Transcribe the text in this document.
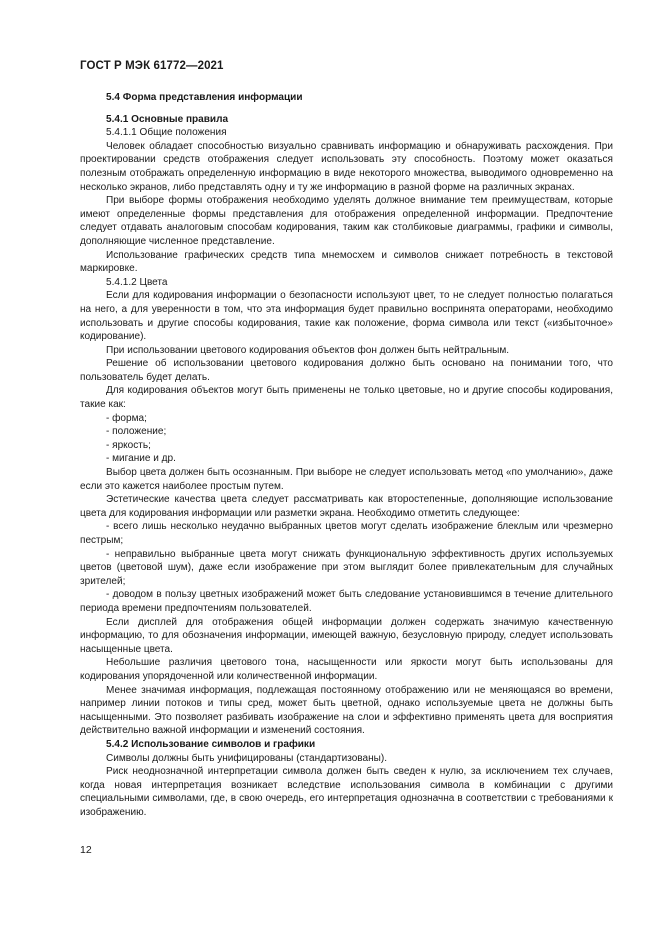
ГОСТ Р МЭК 61772—2021

5.4 Форма представления информации

5.4.1 Основные правила

5.4.1.1 Общие положения

Человек обладает способностью визуально сравнивать информацию и обнаруживать расхождения. При проектировании средств отображения следует использовать эту способность. Поэтому может оказаться полезным отображать определенную информацию в виде некоторого множества, выводимого одновременно на несколько экранов, либо представлять одну и ту же информацию в разной форме на различных экранах.

При выборе формы отображения необходимо уделять должное внимание тем преимуществам, которые имеют определенные формы представления для отображения определенной информации. Предпочтение следует отдавать аналоговым способам кодирования, таким как столбиковые диаграммы, графики и символы, дополняющие численное представление.

Использование графических средств типа мнемосхем и символов снижает потребность в текстовой маркировке.

5.4.1.2 Цвета

Если для кодирования информации о безопасности используют цвет, то не следует полностью полагаться на него, а для уверенности в том, что эта информация будет правильно воспринята операторами, необходимо использовать и другие способы кодирования, такие как положение, форма символа или текст («избыточное» кодирование).

При использовании цветового кодирования объектов фон должен быть нейтральным.

Решение об использовании цветового кодирования должно быть основано на понимании того, что пользователь будет делать.

Для кодирования объектов могут быть применены не только цветовые, но и другие способы кодирования, такие как:

- форма;

- положение;

- яркость;

- мигание и др.

Выбор цвета должен быть осознанным. При выборе не следует использовать метод «по умолчанию», даже если это кажется наиболее простым путем.

Эстетические качества цвета следует рассматривать как второстепенные, дополняющие использование цвета для кодирования информации или разметки экрана. Необходимо отметить следующее:

- всего лишь несколько неудачно выбранных цветов могут сделать изображение блеклым или чрезмерно пестрым;

- неправильно выбранные цвета могут снижать функциональную эффективность других используемых цветов (цветовой шум), даже если изображение при этом выглядит более привлекательным для случайных зрителей;

- доводом в пользу цветных изображений может быть следование установившимся в течение длительного периода времени предпочтениям пользователей.

Если дисплей для отображения общей информации должен содержать значимую качественную информацию, то для обозначения информации, имеющей важную, безусловную природу, следует использовать насыщенные цвета.

Небольшие различия цветового тона, насыщенности или яркости могут быть использованы для кодирования упорядоченной или количественной информации.

Менее значимая информация, подлежащая постоянному отображению или не меняющаяся во времени, например линии потоков и типы сред, может быть цветной, однако используемые цвета не должны быть насыщенными. Это позволяет разбивать изображение на слои и эффективно применять цвета для восприятия действительно важной информации и изменений состояния.

5.4.2 Использование символов и графики

Символы должны быть унифицированы (стандартизованы).

Риск неоднозначной интерпретации символа должен быть сведен к нулю, за исключением тех случаев, когда новая интерпретация возникает вследствие использования символа в комбинации с другими специальными символами, где, в свою очередь, его интерпретация однозначна в соответствии с требованиями к изображению.

12
